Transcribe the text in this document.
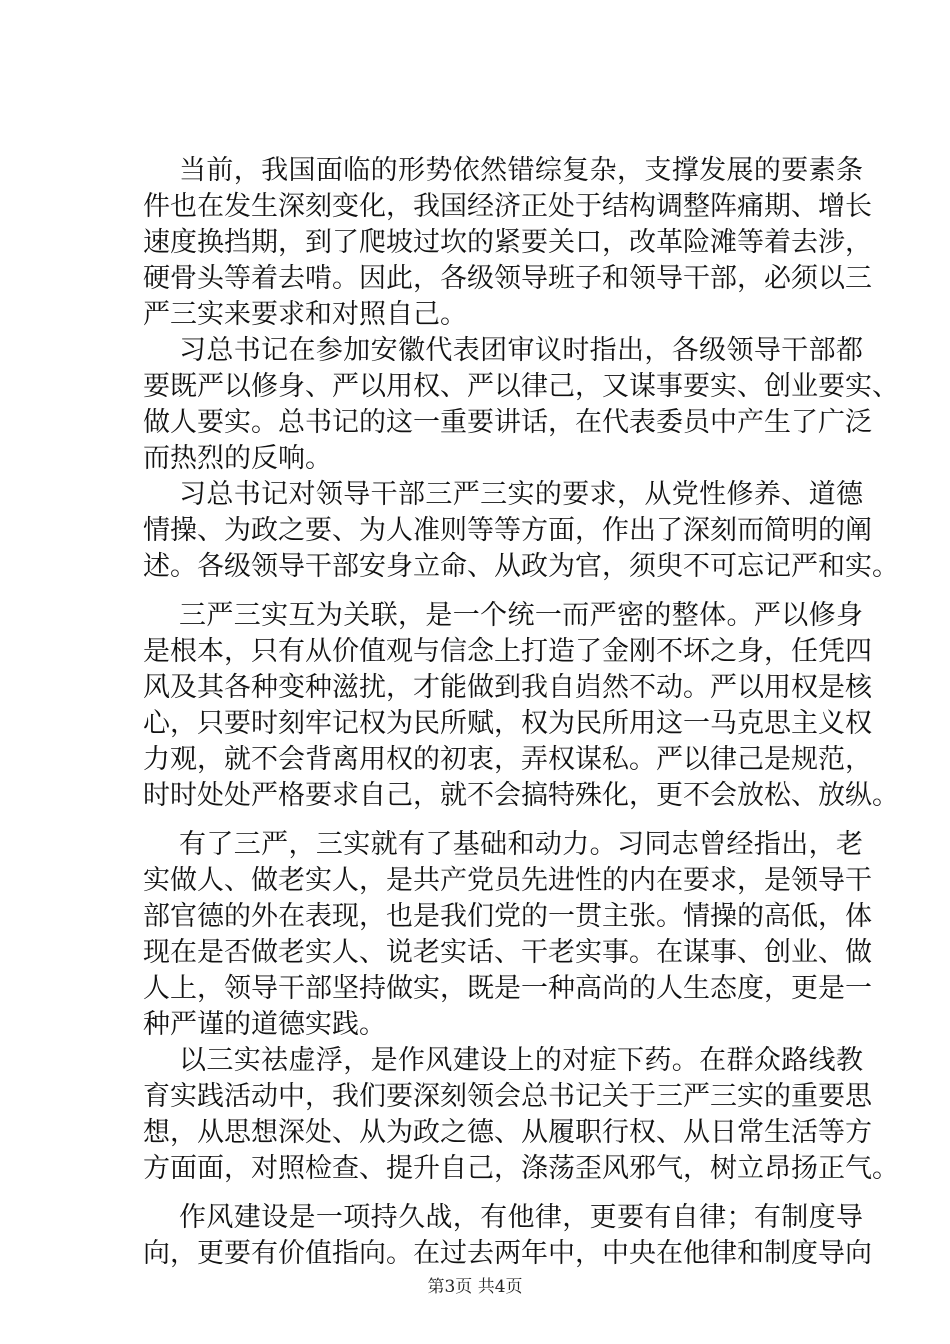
当前，我国面临的形势依然错综复杂，支撑发展的要素条
件也在发生深刻变化，我国经济正处于结构调整阵痛期、增长
速度换挡期，到了爬坡过坎的紧要关口，改革险滩等着去涉，
硬骨头等着去啃。因此，各级领导班子和领导干部，必须以三
严三实来要求和对照自己。
习总书记在参加安徽代表团审议时指出，各级领导干部都
要既严以修身、严以用权、严以律己，又谋事要实、创业要实、
做人要实。总书记的这一重要讲话，在代表委员中产生了广泛
而热烈的反响。
习总书记对领导干部三严三实的要求，从党性修养、道德
情操、为政之要、为人准则等等方面，作出了深刻而简明的阐
述。各级领导干部安身立命、从政为官，须臾不可忘记严和实。
三严三实互为关联，是一个统一而严密的整体。严以修身
是根本，只有从价值观与信念上打造了金刚不坏之身，任凭四
风及其各种变种滋扰，才能做到我自岿然不动。严以用权是核
心，只要时刻牢记权为民所赋，权为民所用这一马克思主义权
力观，就不会背离用权的初衷，弄权谋私。严以律己是规范，
时时处处严格要求自己，就不会搞特殊化，更不会放松、放纵。
有了三严，三实就有了基础和动力。习同志曾经指出，老
实做人、做老实人，是共产党员先进性的内在要求，是领导干
部官德的外在表现，也是我们党的一贯主张。情操的高低，体
现在是否做老实人、说老实话、干老实事。在谋事、创业、做
人上，领导干部坚持做实，既是一种高尚的人生态度，更是一
种严谨的道德实践。
以三实祛虚浮，是作风建设上的对症下药。在群众路线教
育实践活动中，我们要深刻领会总书记关于三严三实的重要思
想，从思想深处、从为政之德、从履职行权、从日常生活等方
方面面，对照检查、提升自己，涤荡歪风邪气，树立昂扬正气。
作风建设是一项持久战，有他律，更要有自律；有制度导
向，更要有价值指向。在过去两年中，中央在他律和制度导向
第3页 共4页
